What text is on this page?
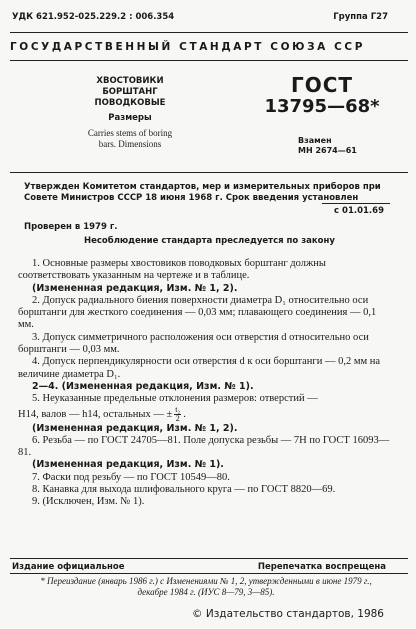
УДК 621.952-025.229.2 : 006.354	Группа Г27
ГОСУДАРСТВЕННЫЙ СТАНДАРТ СОЮЗА ССР
ХВОСТОВИКИ
БОРШТАНГ
ПОВОДКОВЫЕ
Размеры
Carries stems of boring
bars. Dimensions
ГОСТ
13795—68*
Взамен
МН 2674—61
Утвержден Комитетом стандартов, мер и измерительных приборов при Совете Министров СССР 18 июня 1968 г. Срок введения установлен
с 01.01.69
Проверен в 1979 г.
Несоблюдение стандарта преследуется по закону

1. Основные размеры хвостовиков поводковых борштанг должны соответствовать указанным на чертеже и в таблице.

(Измененная редакция, Изм. № 1, 2).

2. Допуск радиального биения поверхности диаметра D₁ относительно оси борштанги для жесткого соединения — 0,03 мм; плавающего соединения — 0,1 мм.

3. Допуск симметричного расположения оси отверстия d относительно оси борштанги — 0,03 мм.

4. Допуск перпендикулярности оси отверстия d к оси борштанги — 0,2 мм на величине диаметра D₁.

2—4. (Измененная редакция, Изм. № 1).

5. Неуказанные предельные отклонения размеров: отверстий —

H14, валов — h14, остальных — ± $\frac{\text{t₂}}{2}$ .

(Измененная редакция, Изм. № 1, 2).

6. Резьба — по ГОСТ 24705—81. Поле допуска резьбы — 7H по ГОСТ 16093—81.

(Измененная редакция, Изм. № 1).

7. Фаски под резьбу — по ГОСТ 10549—80.

8. Канавка для выхода шлифовального круга — по ГОСТ 8820—69.

9. (Исключен, Изм. № 1).

Издание официальное	Перепечатка воспрещена
* Переиздание (январь 1986 г.) с Изменениями № 1, 2, утвержденными в июне 1979 г., декабре 1984 г. (ИУС 8—79, 3—85).
© Издательство стандартов, 1986
